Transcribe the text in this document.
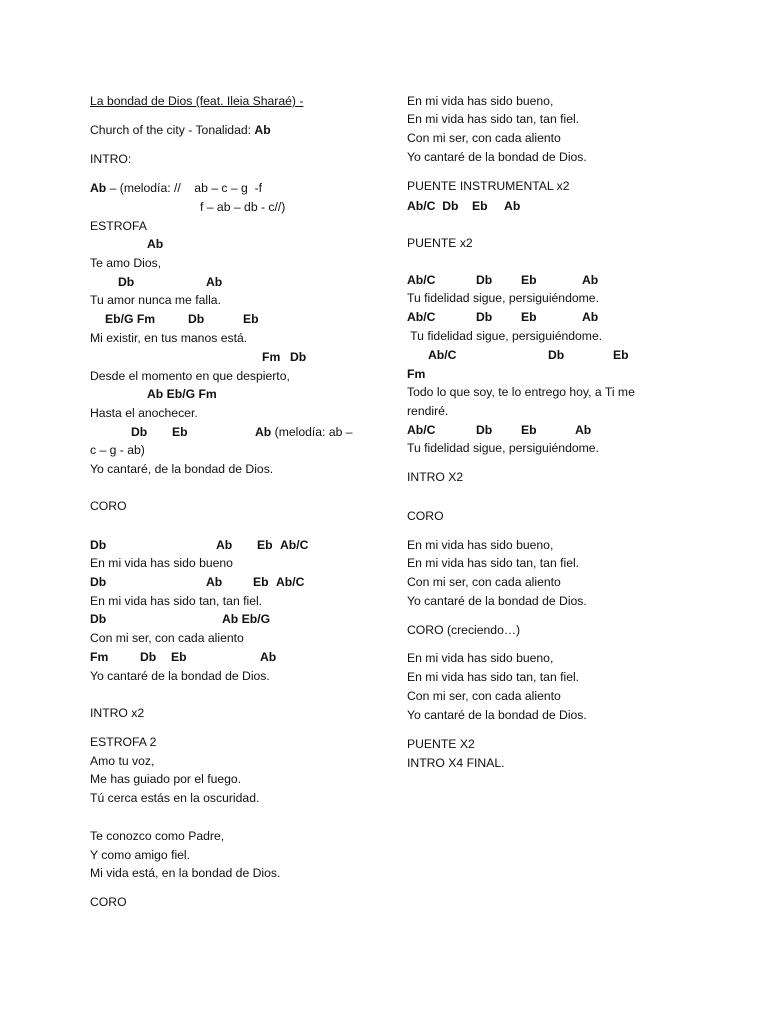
La bondad de Dios (feat. Ileia Sharaé) -
Church of the city - Tonalidad: Ab
INTRO:
Ab – (melodía: //    ab – c – g  -f
f – ab – db - c//)
ESTROFA
Ab
Te amo Dios,
Db	Ab
Tu amor nunca me falla.
Eb/G Fm	Db	Eb
Mi existir, en tus manos está.
Fm Db
Desde el momento en que despierto,
Ab Eb/G Fm
Hasta el anochecer.
Db Eb	Ab (melodía: ab –
c – g - ab)
Yo cantaré, de la bondad de Dios.
CORO
Db	Ab Eb Ab/C
En mi vida has sido bueno
Db	Ab	Eb Ab/C
En mi vida has sido tan, tan fiel.
Db	Ab Eb/G
Con mi ser, con cada aliento
Fm	Db Eb	Ab
Yo cantaré de la bondad de Dios.
INTRO x2
ESTROFA 2
Amo tu voz,
Me has guiado por el fuego.
Tú cerca estás en la oscuridad.
Te conozco como Padre,
Y como amigo fiel.
Mi vida está, en la bondad de Dios.
CORO
En mi vida has sido bueno,
En mi vida has sido tan, tan fiel.
Con mi ser, con cada aliento
Yo cantaré de la bondad de Dios.
PUENTE INSTRUMENTAL x2
Ab/C  Db    Eb     Ab
PUENTE x2
Ab/C	Db Eb	Ab
Tu fidelidad sigue, persiguiéndome.
Ab/C	Db Eb	Ab
Tu fidelidad sigue, persiguiéndome.
Ab/C	Db	Eb
Fm
Todo lo que soy, te lo entrego hoy, a Ti me
rendiré.
Ab/C	Db Eb	Ab
Tu fidelidad sigue, persiguiéndome.
INTRO X2
CORO
En mi vida has sido bueno,
En mi vida has sido tan, tan fiel.
Con mi ser, con cada aliento
Yo cantaré de la bondad de Dios.
CORO (creciendo…)
En mi vida has sido bueno,
En mi vida has sido tan, tan fiel.
Con mi ser, con cada aliento
Yo cantaré de la bondad de Dios.
PUENTE X2
INTRO X4 FINAL.
